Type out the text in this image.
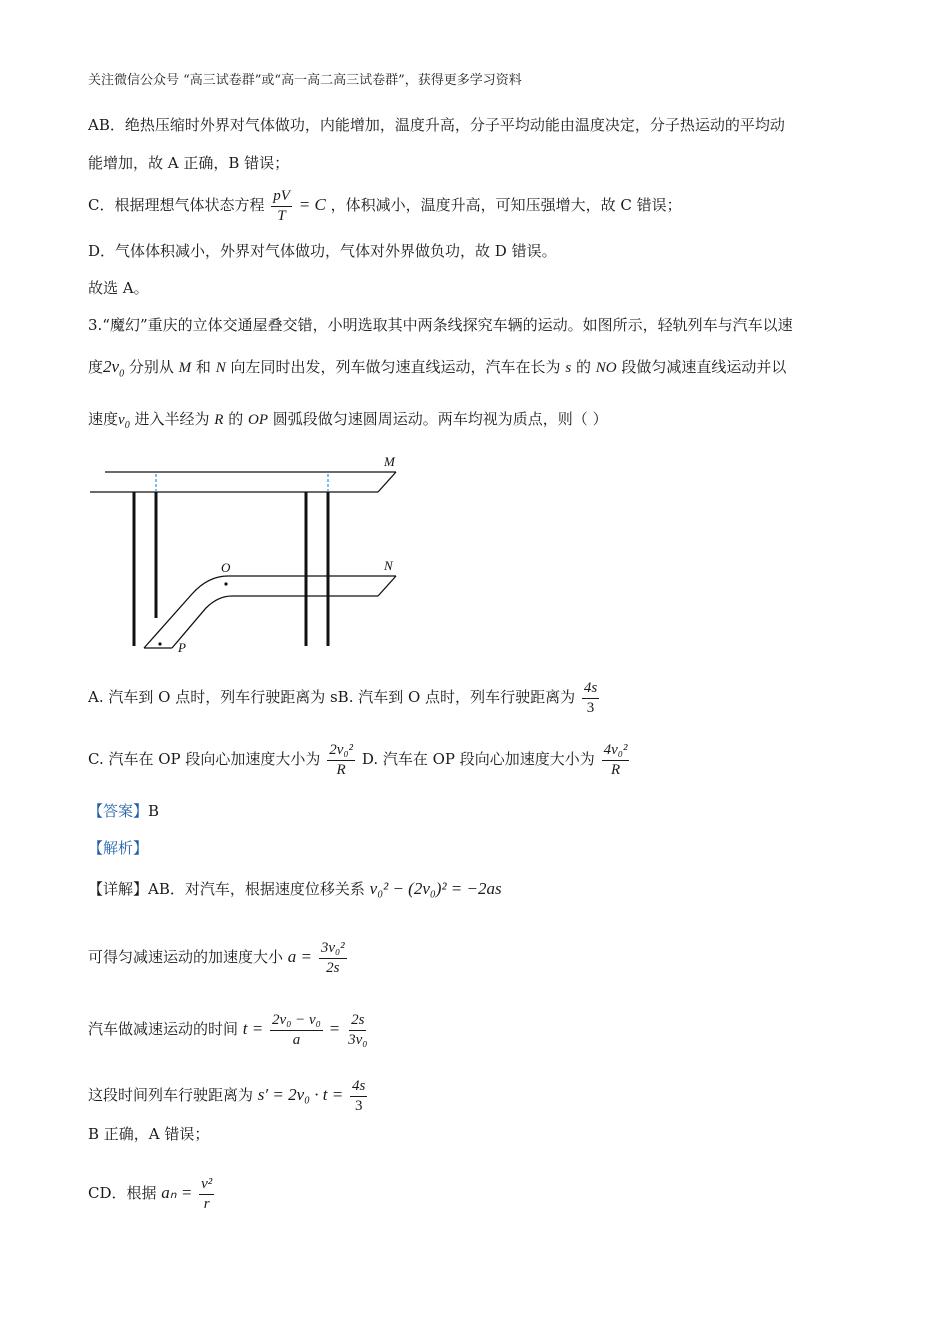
关注微信公众号 “高三试卷群”或“高一高二高三试卷群”，获得更多学习资料
AB．绝热压缩时外界对气体做功，内能增加，温度升高，分子平均动能由温度决定，分子热运动的平均动
能增加，故 A 正确，B 错误；
C．根据理想气体状态方程 $\frac{pV}{T} = C$ ，体积减小，温度升高，可知压强增大，故 C 错误；
D．气体体积减小，外界对气体做功，气体对外界做负功，故 D 错误。
故选 A。
3.“魔幻”重庆的立体交通屋叠交错，小明选取其中两条线探究车辆的运动。如图所示，轻轨列车与汽车以速
度$2v_0$ 分别从 M 和 N 向左同时出发，列车做匀速直线运动，汽车在长为 s 的 NO 段做匀减速直线运动并以
速度$v_0$ 进入半经为 R 的 OP 圆弧段做匀速圆周运动。两车均视为质点，则（ ）
M
N
O
P
A. 汽车到 O 点时，列车行驶距离为 sB. 汽车到 O 点时，列车行驶距离为 $\frac{4s}{3}$
C. 汽车在 OP 段向心加速度大小为 $\frac{\text{2v₀²}}{R} D$. 汽车在 OP 段向心加速度大小为 $\frac{\text{4v₀²}}{R}$
【答案】B
【解析】
【详解】AB．对汽车，根据速度位移关系 v₀² − (2v₀)² = −2as
可得匀减速运动的加速度大小 $a = \frac{\text{3v₀²}}{2s}$
汽车做减速运动的时间 $t = \frac{\text{2v₀ − v₀}}{a} = \frac{2s}{\text{3v₀}}$
这段时间列车行驶距离为 $s' = 2v_0 \cdot t = \frac{4s}{3}$
B 正确，A 错误；
CD．根据 $a_n = \frac{\text{v²}}{r}$
